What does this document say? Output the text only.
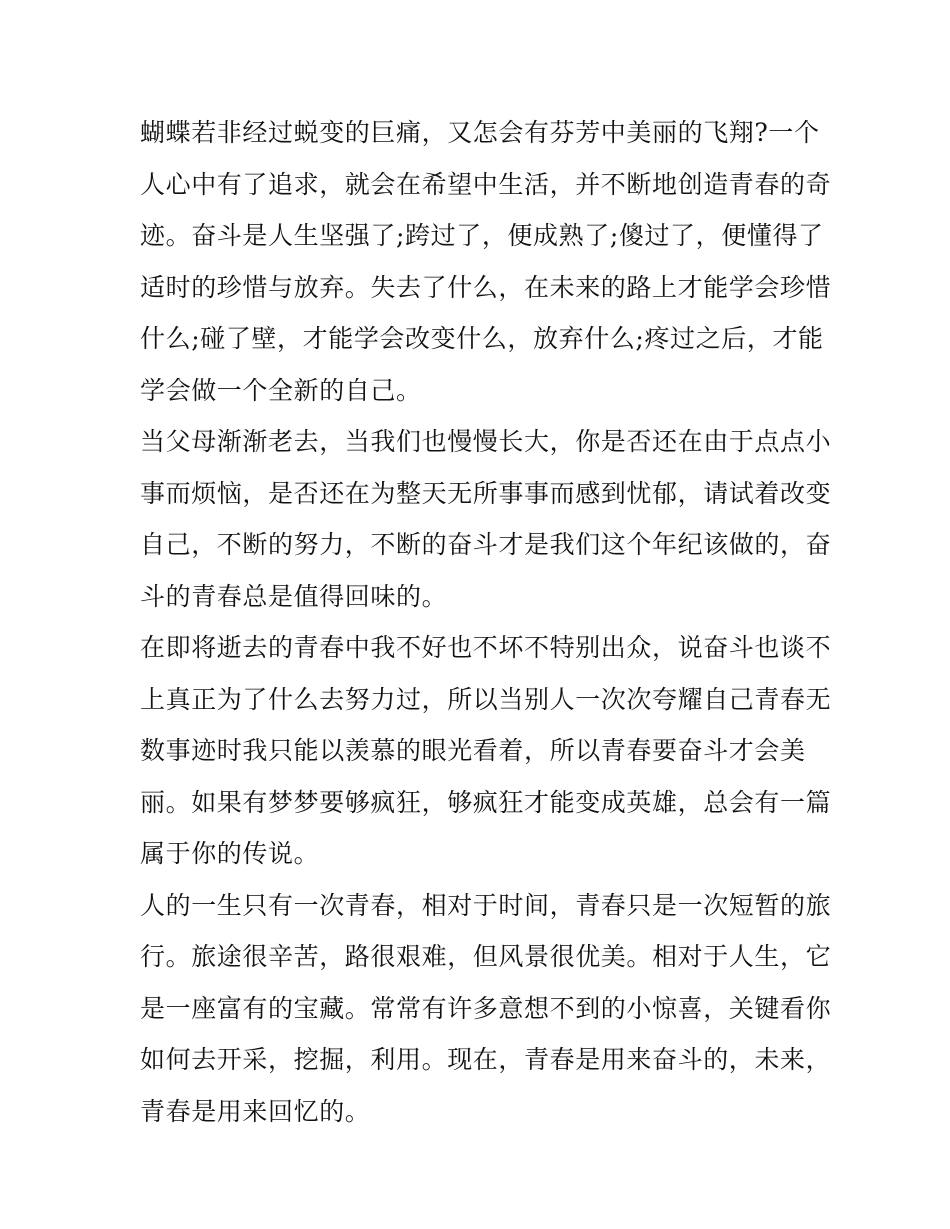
蝴蝶若非经过蜕变的巨痛，又怎会有芬芳中美丽的飞翔?一个
人心中有了追求，就会在希望中生活，并不断地创造青春的奇
迹。奋斗是人生坚强了;跨过了，便成熟了;傻过了，便懂得了
适时的珍惜与放弃。失去了什么，在未来的路上才能学会珍惜
什么;碰了壁，才能学会改变什么，放弃什么;疼过之后，才能
学会做一个全新的自己。
当父母渐渐老去，当我们也慢慢长大，你是否还在由于点点小
事而烦恼，是否还在为整天无所事事而感到忧郁，请试着改变
自己，不断的努力，不断的奋斗才是我们这个年纪该做的，奋
斗的青春总是值得回味的。
在即将逝去的青春中我不好也不坏不特别出众，说奋斗也谈不
上真正为了什么去努力过，所以当别人一次次夸耀自己青春无
数事迹时我只能以羡慕的眼光看着，所以青春要奋斗才会美
丽。如果有梦梦要够疯狂，够疯狂才能变成英雄，总会有一篇
属于你的传说。
人的一生只有一次青春，相对于时间，青春只是一次短暂的旅
行。旅途很辛苦，路很艰难，但风景很优美。相对于人生，它
是一座富有的宝藏。常常有许多意想不到的小惊喜，关键看你
如何去开采，挖掘，利用。现在，青春是用来奋斗的，未来，
青春是用来回忆的。
